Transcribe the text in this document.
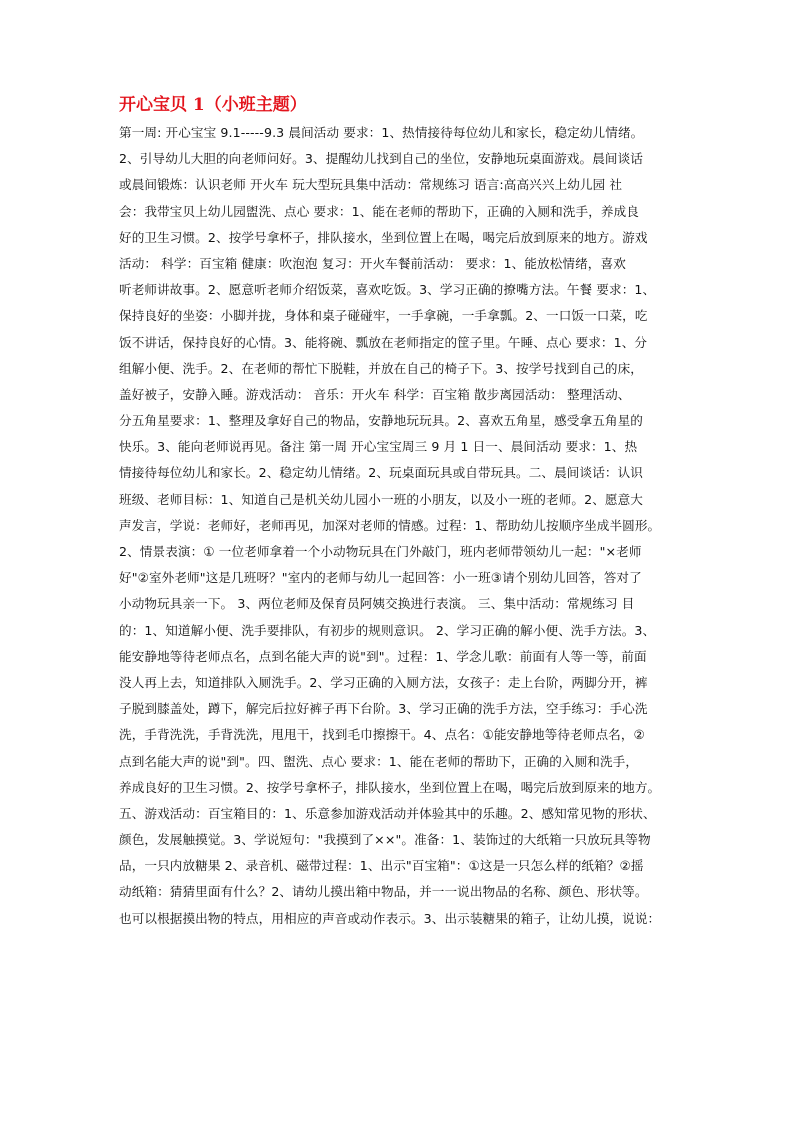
开心宝贝 1（小班主题）
第一周: 开心宝宝 9.1-----9.3 晨间活动 要求：1、热情接待每位幼儿和家长，稳定幼儿情绪。
2、引导幼儿大胆的向老师问好。3、提醒幼儿找到自己的坐位，安静地玩桌面游戏。晨间谈话
或晨间锻炼：认识老师 开火车 玩大型玩具集中活动：常规练习 语言:高高兴兴上幼儿园 社
会：我带宝贝上幼儿园盥洗、点心 要求：1、能在老师的帮助下，正确的入厕和洗手，养成良
好的卫生习惯。2、按学号拿杯子，排队接水，坐到位置上在喝，喝完后放到原来的地方。游戏
活动： 科学：百宝箱 健康：吹泡泡 复习：开火车餐前活动： 要求：1、能放松情绪，喜欢
听老师讲故事。2、愿意听老师介绍饭菜，喜欢吃饭。3、学习正确的撩嘴方法。午餐 要求：1、
保持良好的坐姿：小脚并拢，身体和桌子碰碰牢，一手拿碗，一手拿瓢。2、一口饭一口菜，吃
饭不讲话，保持良好的心情。3、能将碗、瓢放在老师指定的筐子里。午睡、点心 要求：1、分
组解小便、洗手。2、在老师的帮忙下脱鞋，并放在自己的椅子下。3、按学号找到自己的床，
盖好被子，安静入睡。游戏活动： 音乐：开火车 科学：百宝箱 散步离园活动： 整理活动、
分五角星要求：1、整理及拿好自己的物品，安静地玩玩具。2、喜欢五角星，感受拿五角星的
快乐。3、能向老师说再见。备注 第一周 开心宝宝周三 9 月 1 日一、晨间活动 要求：1、热
情接待每位幼儿和家长。2、稳定幼儿情绪。2、玩桌面玩具或自带玩具。二、晨间谈话：认识
班级、老师目标：1、知道自己是机关幼儿园小一班的小朋友，以及小一班的老师。2、愿意大
声发言，学说：老师好，老师再见，加深对老师的情感。过程：1、帮助幼儿按顺序坐成半圆形。
2、情景表演：① 一位老师拿着一个小动物玩具在门外敲门，班内老师带领幼儿一起："×老师
好"②室外老师"这是几班呀？"室内的老师与幼儿一起回答：小一班③请个别幼儿回答，答对了
小动物玩具亲一下。 3、两位老师及保育员阿姨交换进行表演。 三、集中活动：常规练习 目
的：1、知道解小便、洗手要排队，有初步的规则意识。 2、学习正确的解小便、洗手方法。3、
能安静地等待老师点名，点到名能大声的说"到"。过程：1、学念儿歌：前面有人等一等，前面
没人再上去，知道排队入厕洗手。2、学习正确的入厕方法，女孩子：走上台阶，两脚分开，裤
子脱到膝盖处，蹲下，解完后拉好裤子再下台阶。3、学习正确的洗手方法，空手练习：手心洗
洗，手背洗洗，手背洗洗，甩甩干，找到毛巾擦擦干。4、点名：①能安静地等待老师点名，②
点到名能大声的说"到"。四、盥洗、点心 要求：1、能在老师的帮助下，正确的入厕和洗手，
养成良好的卫生习惯。2、按学号拿杯子，排队接水，坐到位置上在喝，喝完后放到原来的地方。
五、游戏活动：百宝箱目的：1、乐意参加游戏活动并体验其中的乐趣。2、感知常见物的形状、
颜色，发展触摸觉。3、学说短句："我摸到了××"。准备：1、装饰过的大纸箱一只放玩具等物
品，一只内放糖果 2、录音机、磁带过程：1、出示"百宝箱"：①这是一只怎么样的纸箱？②摇
动纸箱：猜猜里面有什么？2、请幼儿摸出箱中物品，并一一说出物品的名称、颜色、形状等。
也可以根据摸出物的特点，用相应的声音或动作表示。3、出示装糖果的箱子，让幼儿摸，说说：
